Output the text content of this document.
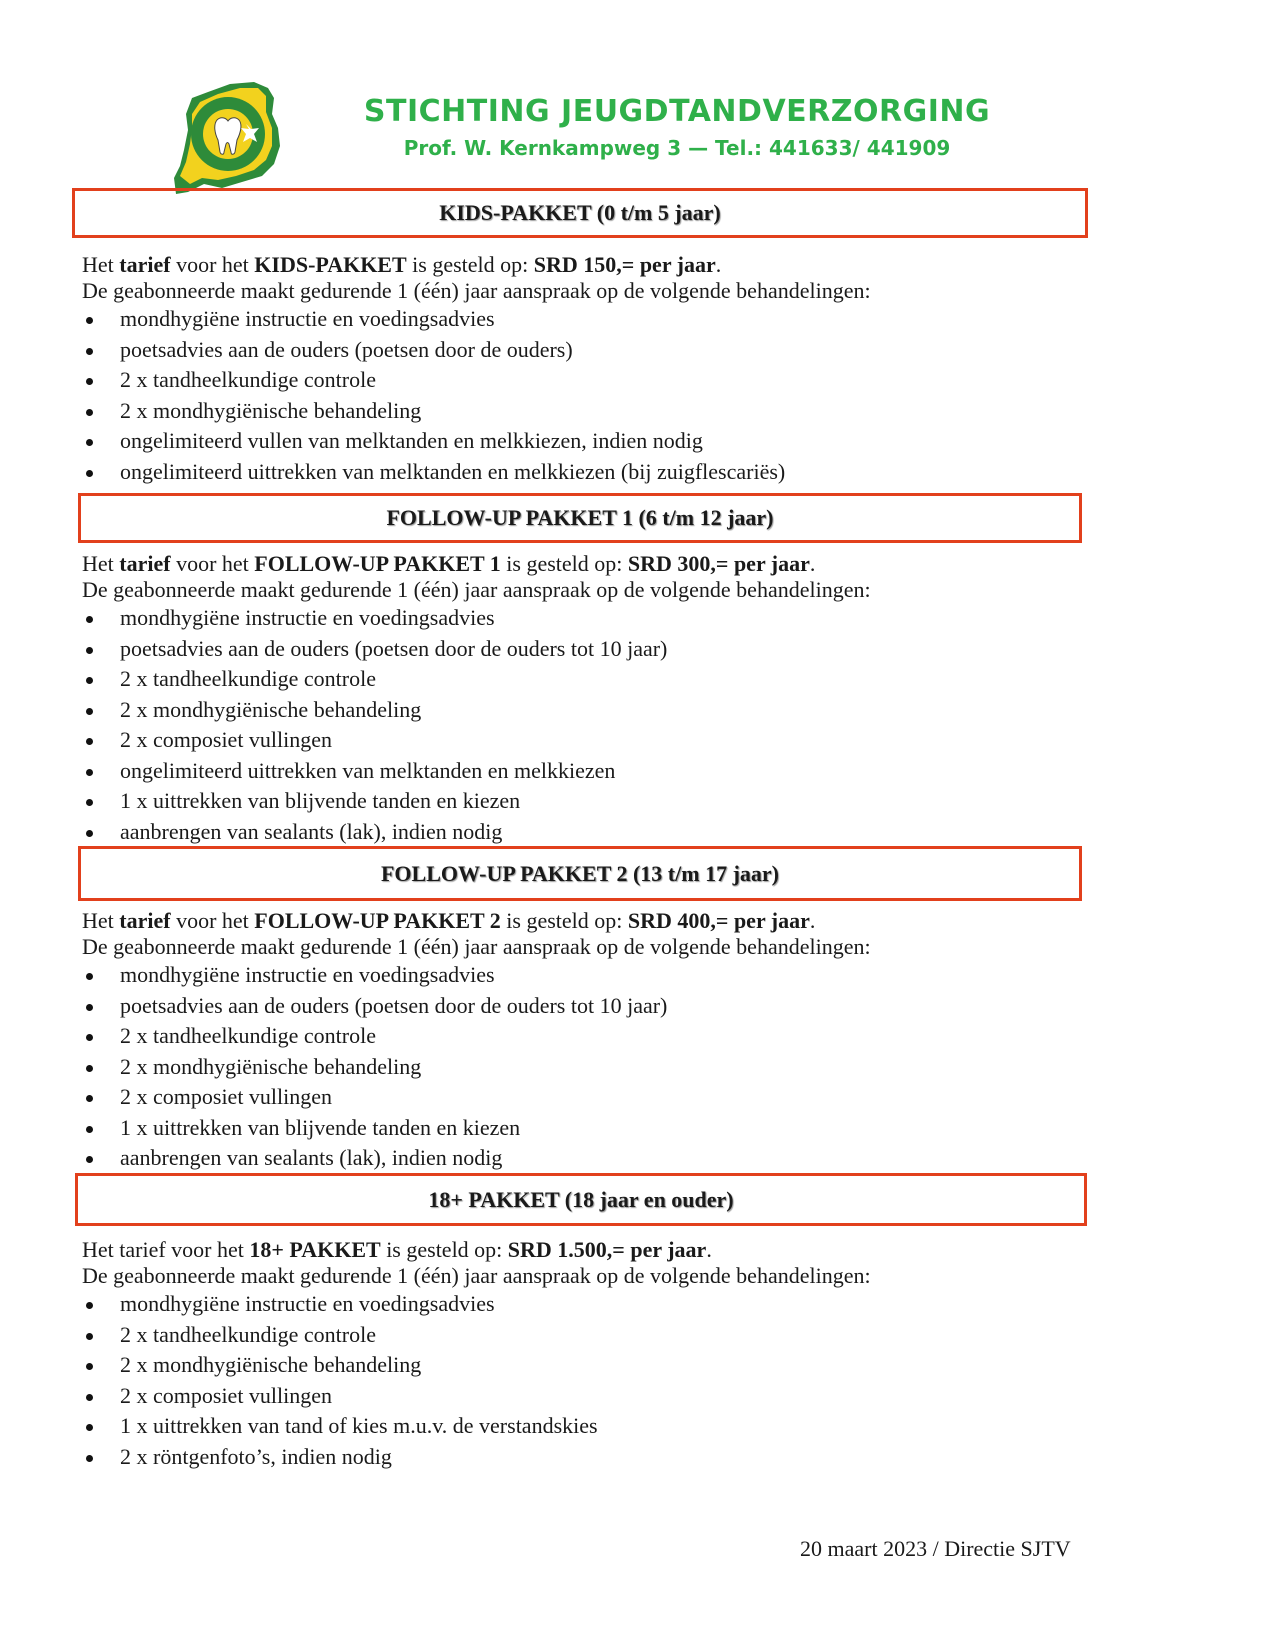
STICHTING JEUGDTANDVERZORGING
Prof. W. Kernkampweg 3 — Tel.: 441633/ 441909
KIDS-PAKKET (0 t/m 5 jaar)
Het tarief voor het KIDS-PAKKET is gesteld op: SRD 150,= per jaar.
De geabonneerde maakt gedurende 1 (één) jaar aanspraak op de volgende behandelingen:
mondhygiëne instructie en voedingsadvies
poetsadvies aan de ouders (poetsen door de ouders)
2 x tandheelkundige controle
2 x mondhygiënische behandeling
ongelimiteerd vullen van melktanden en melkkiezen, indien nodig
ongelimiteerd uittrekken van melktanden en melkkiezen (bij zuigflescariës)
FOLLOW-UP PAKKET 1 (6 t/m 12 jaar)
Het tarief voor het FOLLOW-UP PAKKET 1 is gesteld op: SRD 300,= per jaar.
De geabonneerde maakt gedurende 1 (één) jaar aanspraak op de volgende behandelingen:
mondhygiëne instructie en voedingsadvies
poetsadvies aan de ouders (poetsen door de ouders tot 10 jaar)
2 x tandheelkundige controle
2 x mondhygiënische behandeling
2 x composiet vullingen
ongelimiteerd uittrekken van melktanden en melkkiezen
1 x uittrekken van blijvende tanden en kiezen
aanbrengen van sealants (lak), indien nodig
FOLLOW-UP PAKKET 2 (13 t/m 17 jaar)
Het tarief voor het FOLLOW-UP PAKKET 2 is gesteld op: SRD 400,= per jaar.
De geabonneerde maakt gedurende 1 (één) jaar aanspraak op de volgende behandelingen:
mondhygiëne instructie en voedingsadvies
poetsadvies aan de ouders (poetsen door de ouders tot 10 jaar)
2 x tandheelkundige controle
2 x mondhygiënische behandeling
2 x composiet vullingen
1 x uittrekken van blijvende tanden en kiezen
aanbrengen van sealants (lak), indien nodig
18+ PAKKET (18 jaar en ouder)
Het tarief voor het 18+ PAKKET is gesteld op: SRD 1.500,= per jaar.
De geabonneerde maakt gedurende 1 (één) jaar aanspraak op de volgende behandelingen:
mondhygiëne instructie en voedingsadvies
2 x tandheelkundige controle
2 x mondhygiënische behandeling
2 x composiet vullingen
1 x uittrekken van tand of kies m.u.v. de verstandskies
2 x röntgenfoto’s, indien nodig
20 maart 2023 / Directie SJTV
